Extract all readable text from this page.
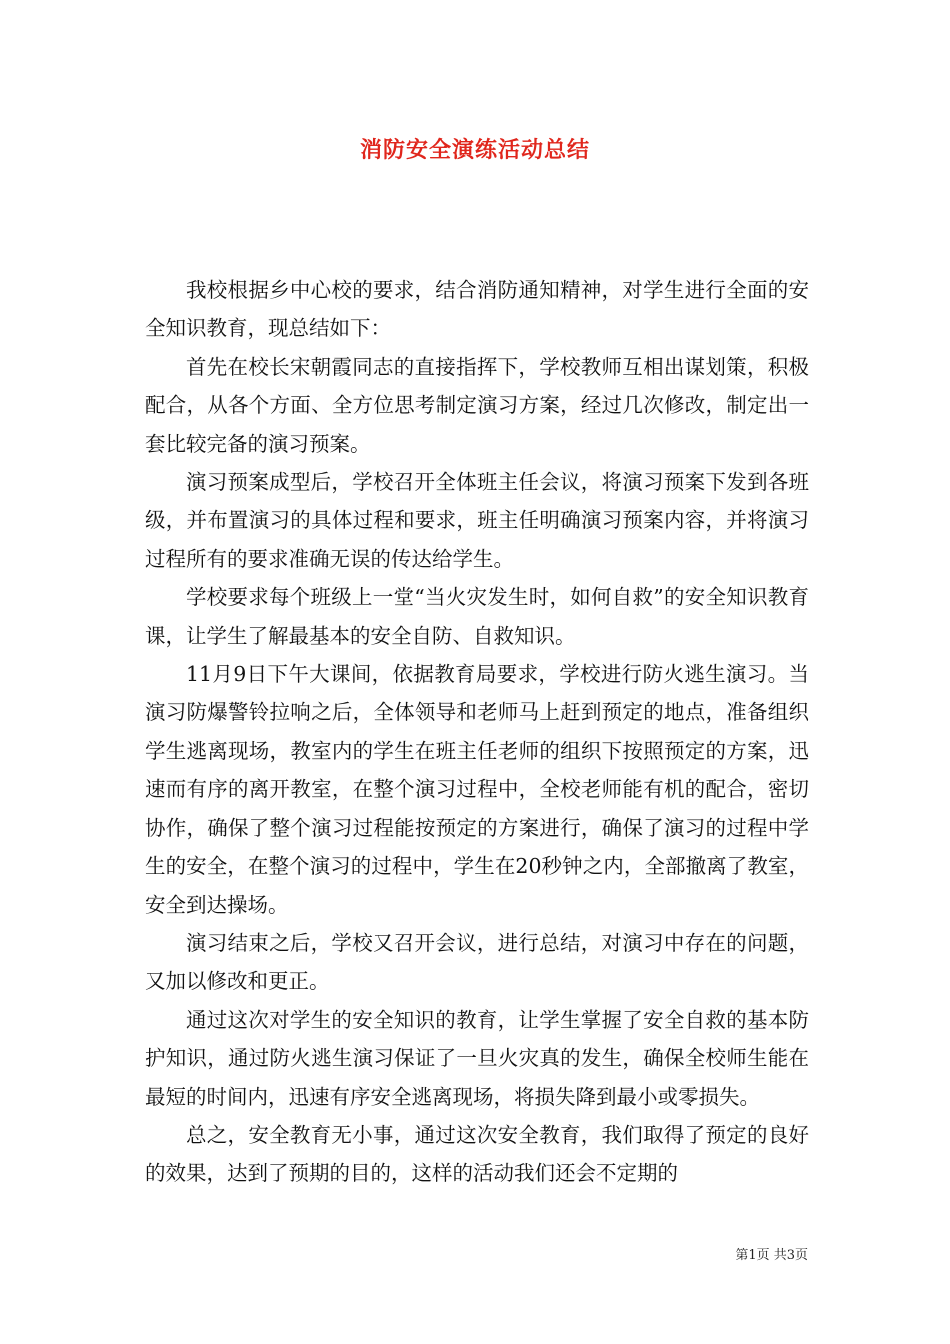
消防安全演练活动总结

我校根据乡中心校的要求，结合消防通知精神，对学生进行全面的安全知识教育，现总结如下：

首先在校长宋朝霞同志的直接指挥下，学校教师互相出谋划策，积极配合，从各个方面、全方位思考制定演习方案，经过几次修改，制定出一套比较完备的演习预案。

演习预案成型后，学校召开全体班主任会议，将演习预案下发到各班级，并布置演习的具体过程和要求，班主任明确演习预案内容，并将演习过程所有的要求准确无误的传达给学生。

学校要求每个班级上一堂“当火灾发生时，如何自救”的安全知识教育课，让学生了解最基本的安全自防、自救知识。

11月9日下午大课间，依据教育局要求，学校进行防火逃生演习。当演习防爆警铃拉响之后，全体领导和老师马上赶到预定的地点，准备组织学生逃离现场，教室内的学生在班主任老师的组织下按照预定的方案，迅速而有序的离开教室，在整个演习过程中，全校老师能有机的配合，密切协作，确保了整个演习过程能按预定的方案进行，确保了演习的过程中学生的安全，在整个演习的过程中，学生在20秒钟之内，全部撤离了教室，安全到达操场。

演习结束之后，学校又召开会议，进行总结，对演习中存在的问题，又加以修改和更正。

通过这次对学生的安全知识的教育，让学生掌握了安全自救的基本防护知识，通过防火逃生演习保证了一旦火灾真的发生，确保全校师生能在最短的时间内，迅速有序安全逃离现场，将损失降到最小或零损失。

总之，安全教育无小事，通过这次安全教育，我们取得了预定的良好的效果，达到了预期的目的，这样的活动我们还会不定期的

第1页 共3页
